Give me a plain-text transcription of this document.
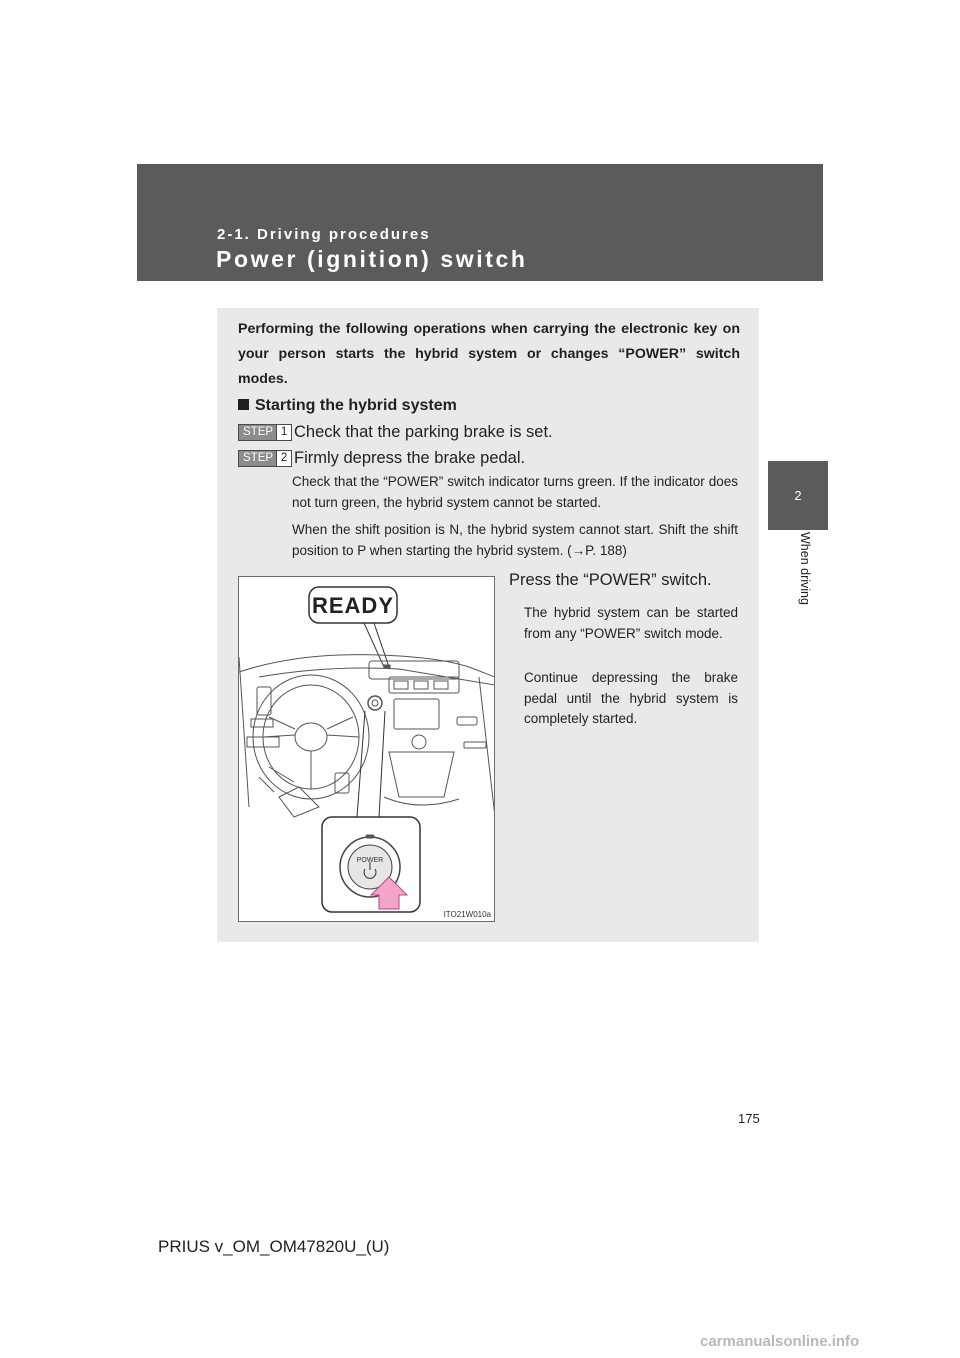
2-1. Driving procedures
Power (ignition) switch
2
When driving
Performing the following operations when carrying the electronic key on your person starts the hybrid system or changes “POWER” switch modes.
Starting the hybrid system
STEP 1 Check that the parking brake is set.
STEP 2 Firmly depress the brake pedal.
Check that the “POWER” switch indicator turns green. If the indicator does not turn green, the hybrid system cannot be started.
When the shift position is N, the hybrid system cannot start. Shift the shift position to P when starting the hybrid system. (→P. 188)
Press the “POWER” switch.
The hybrid system can be started from any “POWER” switch mode.
Continue depressing the brake pedal until the hybrid system is completely started.
READY
POWER
ITO21W010a
175
PRIUS v_OM_OM47820U_(U)
carmanualsonline.info
